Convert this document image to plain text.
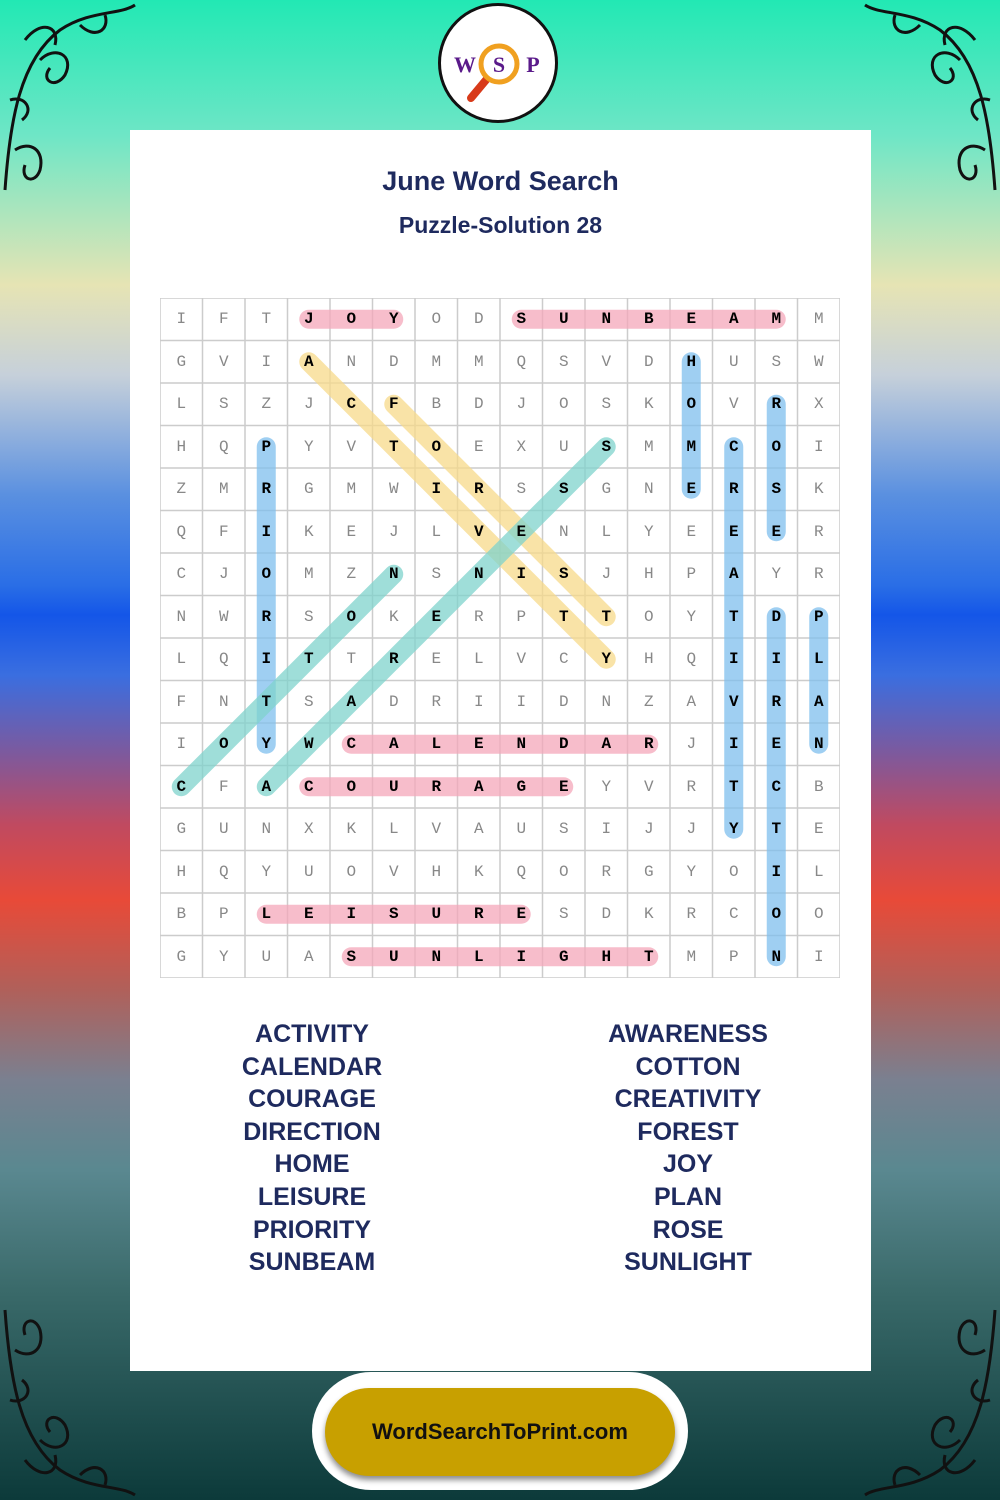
W S P
June Word Search
Puzzle-Solution 28
I	F	T	J	O	Y	O	D	S	U	N	B	E	A	M	M
G	V	I	A	N	D	M	M	Q	S	V	D	H	U	S	W
L	S	Z	J	C	F	B	D	J	O	S	K	O	V	R	X
H	Q	P	Y	V	T	O	E	X	U	S	M	M	C	O	I
Z	M	R	G	M	W	I	R	S	S	G	N	E	R	S	K
Q	F	I	K	E	J	L	V	E	N	L	Y	E	E	E	R
C	J	O	M	Z	N	S	N	I	S	J	H	P	A	Y	R
N	W	R	S	O	K	E	R	P	T	T	O	Y	T	D	P
L	Q	I	T	T	R	E	L	V	C	Y	H	Q	I	I	L
F	N	T	S	A	D	R	I	I	D	N	Z	A	V	R	A
I	O	Y	W	C	A	L	E	N	D	A	R	J	I	E	N
C	F	A	C	O	U	R	A	G	E	Y	V	R	T	C	B
G	U	N	X	K	L	V	A	U	S	I	J	J	Y	T	E
H	Q	Y	U	O	V	H	K	Q	O	R	G	Y	O	I	L
B	P	L	E	I	S	U	R	E	S	D	K	R	C	O	O
G	Y	U	A	S	U	N	L	I	G	H	T	M	P	N	I
ACTIVITY
CALENDAR
COURAGE
DIRECTION
HOME
LEISURE
PRIORITY
SUNBEAM
AWARENESS
COTTON
CREATIVITY
FOREST
JOY
PLAN
ROSE
SUNLIGHT
WordSearchToPrint.com
